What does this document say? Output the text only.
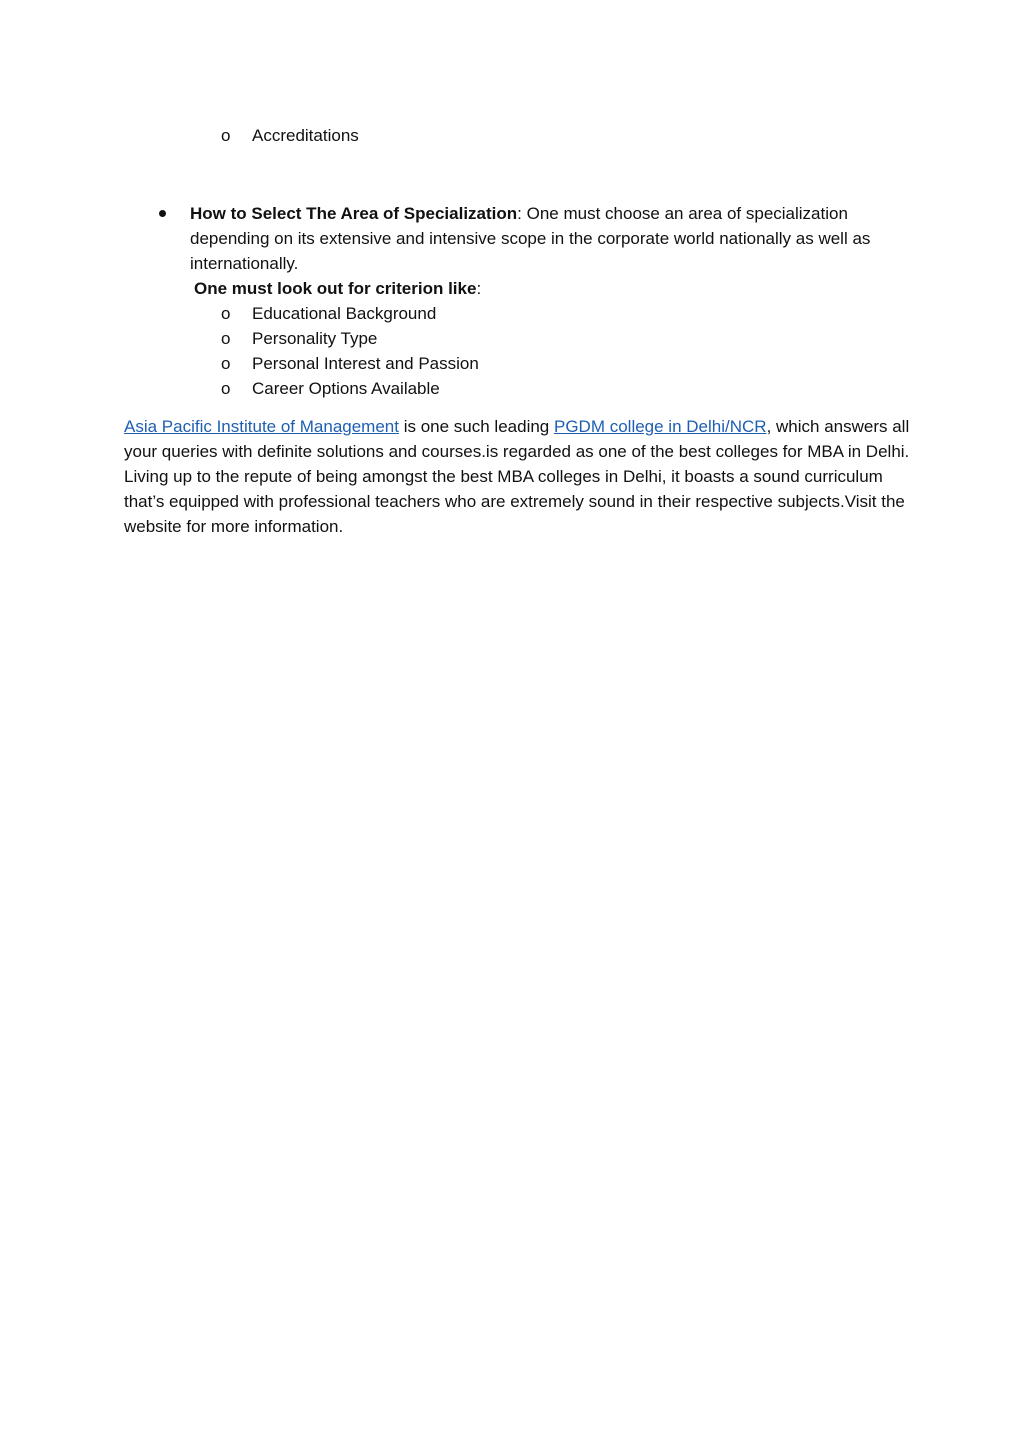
o Accreditations
How to Select The Area of Specialization: One must choose an area of specialization
depending on its extensive and intensive scope in the corporate world nationally as well as
internationally.
One must look out for criterion like:
o Educational Background
o Personality Type
o Personal Interest and Passion
o Career Options Available

Asia Pacific Institute of Management is one such leading PGDM college in Delhi/NCR, which answers all your queries with definite solutions and courses.is regarded as one of the best colleges for MBA in Delhi. Living up to the repute of being amongst the best MBA colleges in Delhi, it boasts a sound curriculum that’s equipped with professional teachers who are extremely sound in their respective subjects.Visit the website for more information.
